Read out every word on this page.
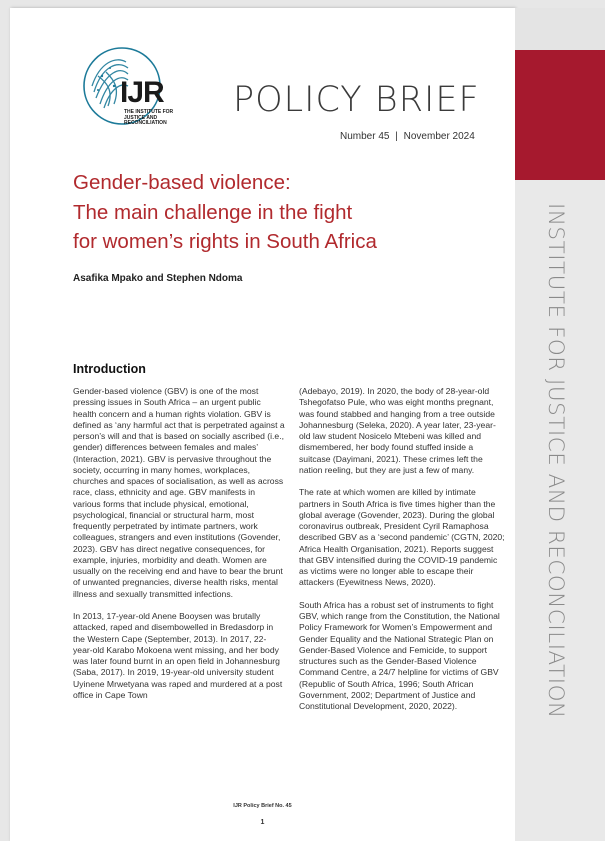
IJR
THE INSTITUTE FOR JUSTICE AND RECONCILIATION
POLICY BRIEF
Number 45 | November 2024
Gender-based violence:
The main challenge in the fight
for women’s rights in South Africa
Asafika Mpako and Stephen Ndoma
Introduction

Gender-based violence (GBV) is one of the most pressing issues in South Africa – an urgent public health concern and a human rights violation. GBV is defined as ‘any harmful act that is perpetrated against a person’s will and that is based on socially ascribed (i.e., gender) differences between females and males’ (Interaction, 2021). GBV is pervasive throughout the society, occurring in many homes, workplaces, churches and spaces of socialisation, as well as across race, class, ethnicity and age. GBV manifests in various forms that include physical, emotional, psychological, financial or structural harm, most frequently perpetrated by intimate partners, work colleagues, strangers and even institutions (Govender, 2023). GBV has direct negative consequences, for example, injuries, morbidity and death. Women are usually on the receiving end and have to bear the brunt of unwanted pregnancies, diverse health risks, mental illness and sexually transmitted infections.

In 2013, 17-year-old Anene Booysen was brutally attacked, raped and disembowelled in Bredasdorp in the Western Cape (September, 2013). In 2017, 22-year-old Karabo Mokoena went missing, and her body was later found burnt in an open field in Johannesburg (Saba, 2017). In 2019, 19-year-old university student Uyinene Mrwetyana was raped and murdered at a post office in Cape Town

(Adebayo, 2019). In 2020, the body of 28-year-old Tshegofatso Pule, who was eight months pregnant, was found stabbed and hanging from a tree outside Johannesburg (Seleka, 2020). A year later, 23-year-old law student Nosicelo Mtebeni was killed and dismembered, her body found stuffed inside a suitcase (Dayimani, 2021). These crimes left the nation reeling, but they are just a few of many.

The rate at which women are killed by intimate partners in South Africa is five times higher than the global average (Govender, 2023). During the global coronavirus outbreak, President Cyril Ramaphosa described GBV as a ‘second pandemic’ (CGTN, 2020; Africa Health Organisation, 2021). Reports suggest that GBV intensified during the COVID-19 pandemic as victims were no longer able to escape their attackers (Eyewitness News, 2020).

South Africa has a robust set of instruments to fight GBV, which range from the Constitution, the National Policy Framework for Women’s Empowerment and Gender Equality and the National Strategic Plan on Gender-Based Violence and Femicide, to support structures such as the Gender-Based Violence Command Centre, a 24/7 helpline for victims of GBV (Republic of South Africa, 1996; South African Government, 2002; Department of Justice and Constitutional Development, 2020, 2022).

IJR Policy Brief No. 45
1
INSTITUTE FOR JUSTICE AND RECONCILIATION
